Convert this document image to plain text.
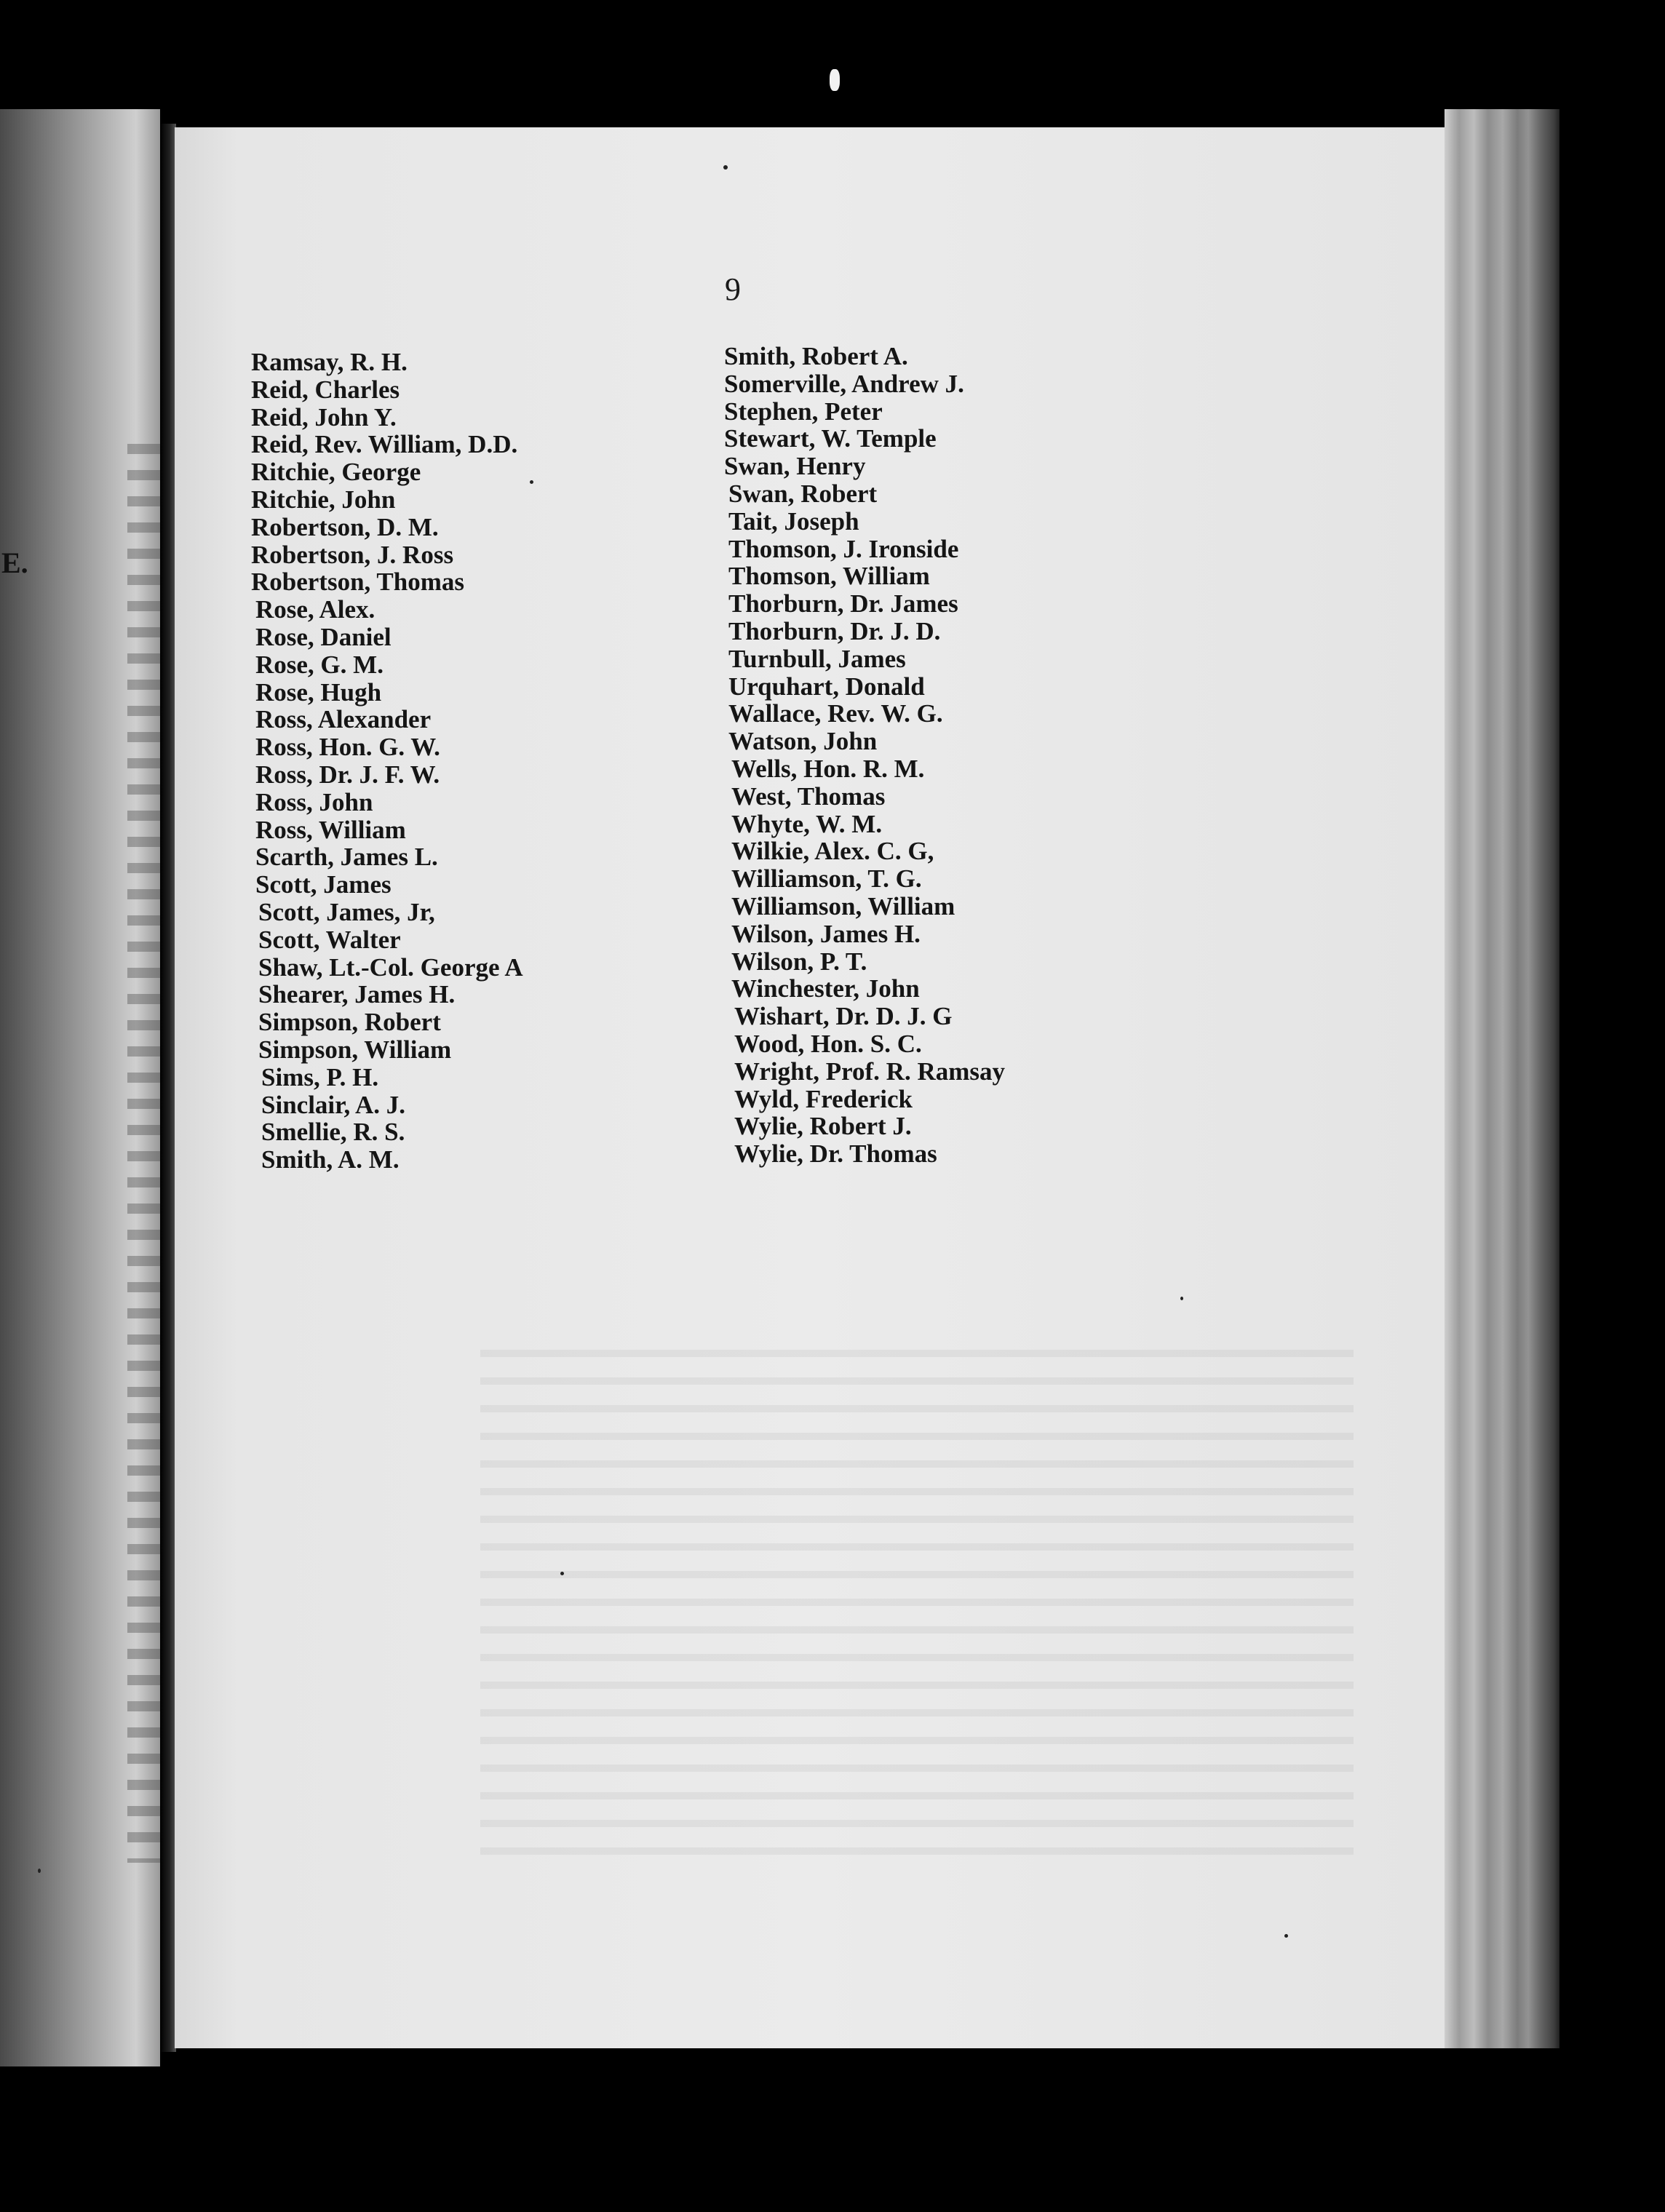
E.
9
Ramsay, R. H.
Reid, Charles
Reid, John Y.
Reid, Rev. William, D.D.
Ritchie, George
Ritchie, John
Robertson, D. M.
Robertson, J. Ross
Robertson, Thomas
Rose, Alex.
Rose, Daniel
Rose, G. M.
Rose, Hugh
Ross, Alexander
Ross, Hon. G. W.
Ross, Dr. J. F. W.
Ross, John
Ross, William
Scarth, James L.
Scott, James
Scott, James, Jr,
Scott, Walter
Shaw, Lt.-Col. George A
Shearer, James H.
Simpson, Robert
Simpson, William
Sims, P. H.
Sinclair, A. J.
Smellie, R. S.
Smith, A. M.
Smith, Robert A.
Somerville, Andrew J.
Stephen, Peter
Stewart, W. Temple
Swan, Henry
Swan, Robert
Tait, Joseph
Thomson, J. Ironside
Thomson, William
Thorburn, Dr. James
Thorburn, Dr. J. D.
Turnbull, James
Urquhart, Donald
Wallace, Rev. W. G.
Watson, John
Wells, Hon. R. M.
West, Thomas
Whyte, W. M.
Wilkie, Alex. C. G,
Williamson, T. G.
Williamson, William
Wilson, James H.
Wilson, P. T.
Winchester, John
Wishart, Dr. D. J. G
Wood, Hon. S. C.
Wright, Prof. R. Ramsay
Wyld, Frederick
Wylie, Robert J.
Wylie, Dr. Thomas
